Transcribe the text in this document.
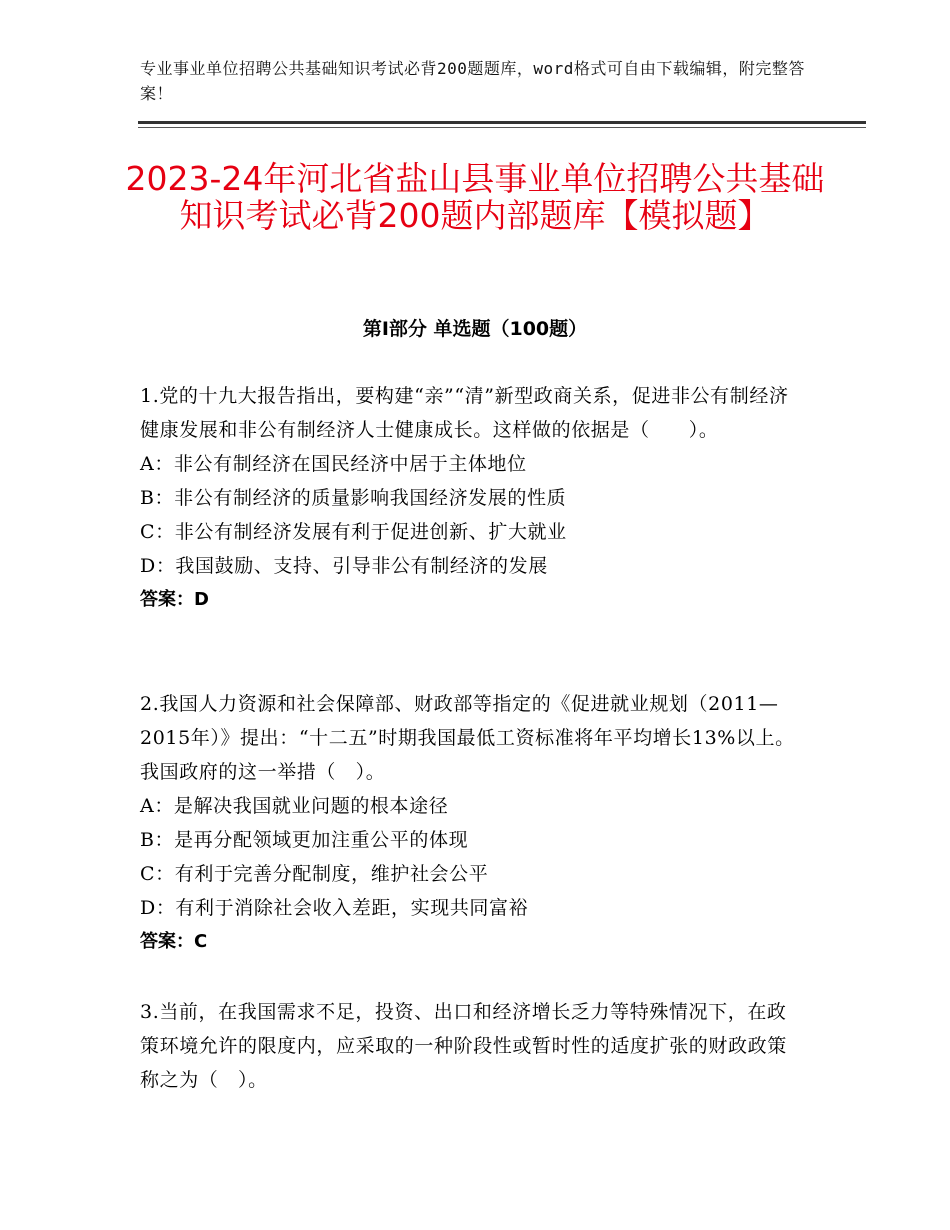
专业事业单位招聘公共基础知识考试必背200题题库，word格式可自由下载编辑，附完整答案！
2023-24年河北省盐山县事业单位招聘公共基础知识考试必背200题内部题库【模拟题】
第Ⅰ部分 单选题（100题）
1.党的十九大报告指出，要构建“亲”“清”新型政商关系，促进非公有制经济健康发展和非公有制经济人士健康成长。这样做的依据是（　　）。
A：非公有制经济在国民经济中居于主体地位
B：非公有制经济的质量影响我国经济发展的性质
C：非公有制经济发展有利于促进创新、扩大就业
D：我国鼓励、支持、引导非公有制经济的发展
答案：D
2.我国人力资源和社会保障部、财政部等指定的《促进就业规划（2011—2015年）》提出：“十二五”时期我国最低工资标准将年平均增长13%以上。我国政府的这一举措（　）。
A：是解决我国就业问题的根本途径
B：是再分配领域更加注重公平的体现
C：有利于完善分配制度，维护社会公平
D：有利于消除社会收入差距，实现共同富裕
答案：C
3.当前，在我国需求不足，投资、出口和经济增长乏力等特殊情况下，在政策环境允许的限度内，应采取的一种阶段性或暂时性的适度扩张的财政政策称之为（　）。
